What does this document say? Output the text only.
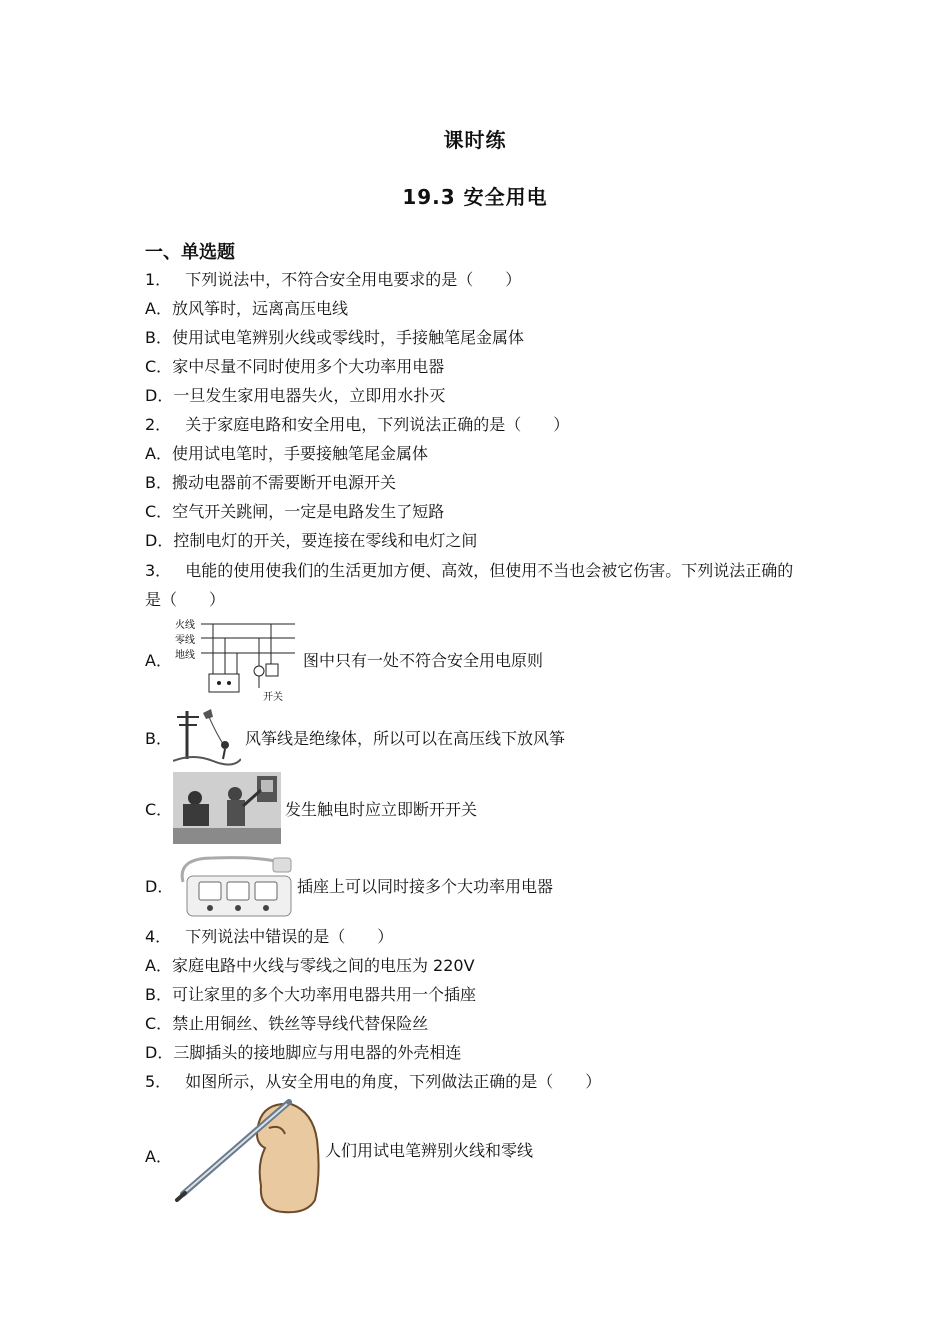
课时练
19.3 安全用电
一、单选题
1． 下列说法中，不符合安全用电要求的是（　　）
A．放风筝时，远离高压电线
B．使用试电笔辨别火线或零线时，手接触笔尾金属体
C．家中尽量不同时使用多个大功率用电器
D．一旦发生家用电器失火，立即用水扑灭
2． 关于家庭电路和安全用电，下列说法正确的是（　　）
A．使用试电笔时，手要接触笔尾金属体
B．搬动电器前不需要断开电源开关
C．空气开关跳闸，一定是电路发生了短路
D．控制电灯的开关，要连接在零线和电灯之间
3． 电能的使用使我们的生活更加方便、高效，但使用不当也会被它伤害。下列说法正确的
是（　　）
A．
火线
零线
地线
开关
图中只有一处不符合安全用电原则
B．	风筝线是绝缘体，所以可以在高压线下放风筝
C．	发生触电时应立即断开开关
D．	插座上可以同时接多个大功率用电器
4． 下列说法中错误的是（　　）
A．家庭电路中火线与零线之间的电压为 220V
B．可让家里的多个大功率用电器共用一个插座
C．禁止用铜丝、铁丝等导线代替保险丝
D．三脚插头的接地脚应与用电器的外壳相连
5． 如图所示，从安全用电的角度，下列做法正确的是（　　）
A．	人们用试电笔辨别火线和零线
